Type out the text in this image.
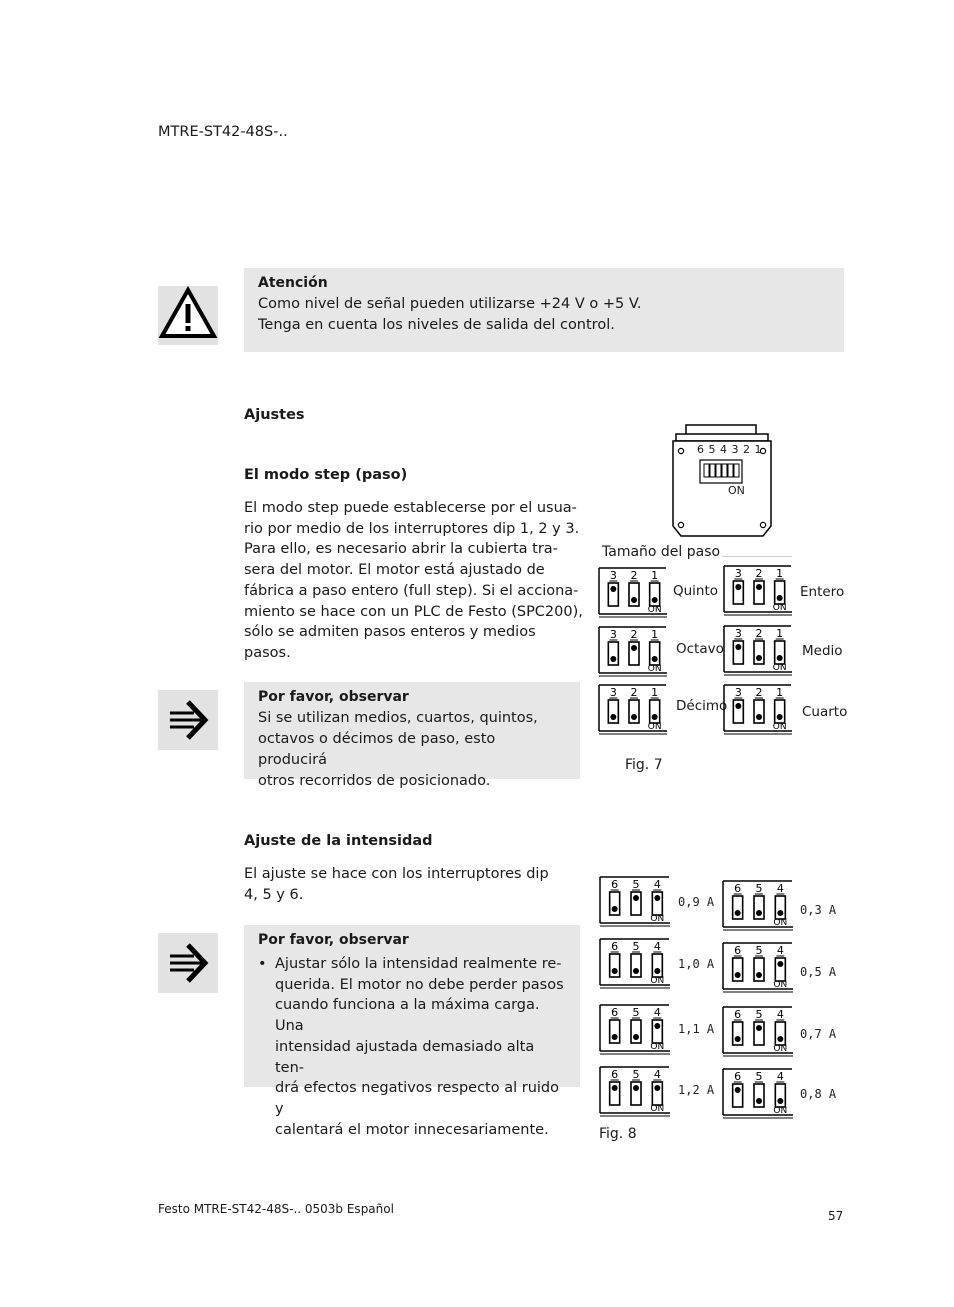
MTRE-ST42-48S-..
Atención
Como nivel de señal pueden utilizarse +24 V o +5 V.
Tenga en cuenta los niveles de salida del control.
Ajustes
El modo step (paso)
El modo step puede establecerse por el usua-
rio por medio de los interruptores dip 1, 2 y 3.
Para ello, es necesario abrir la cubierta tra-
sera del motor. El motor está ajustado de
fábrica a paso entero (full step). Si el acciona-
miento se hace con un PLC de Festo (SPC200),
sólo se admiten pasos enteros y medios
pasos.
Por favor, observar
Si se utilizan medios, cuartos, quintos,
octavos o décimos de paso, esto producirá
otros recorridos de posicionado.
Ajuste de la intensidad
El ajuste se hace con los interruptores dip
4, 5 y 6.
Por favor, observar
• Ajustar sólo la intensidad realmente re-
querida. El motor no debe perder pasos
cuando funciona a la máxima carga. Una
intensidad ajustada demasiado alta ten-
drá efectos negativos respecto al ruido y
calentará el motor innecesariamente.
6 5 4 3 2 1
ON
Tamaño del paso
3 2 1
ON
Quinto
3 2 1
ON
Entero
3 2 1
ON
Octavo
3 2 1
ON
Medio
3 2 1
ON
Décimo
3 2 1
ON
Cuarto
Fig. 7
6 5 4
ON
0,9 A
6 5 4
ON
0,3 A
6 5 4
ON
1,0 A
6 5 4
ON
0,5 A
6 5 4
ON
1,1 A
6 5 4
ON
0,7 A
6 5 4
ON
1,2 A
6 5 4
ON
0,8 A
Fig. 8
Festo MTRE-ST42-48S-.. 0503b Español	57
